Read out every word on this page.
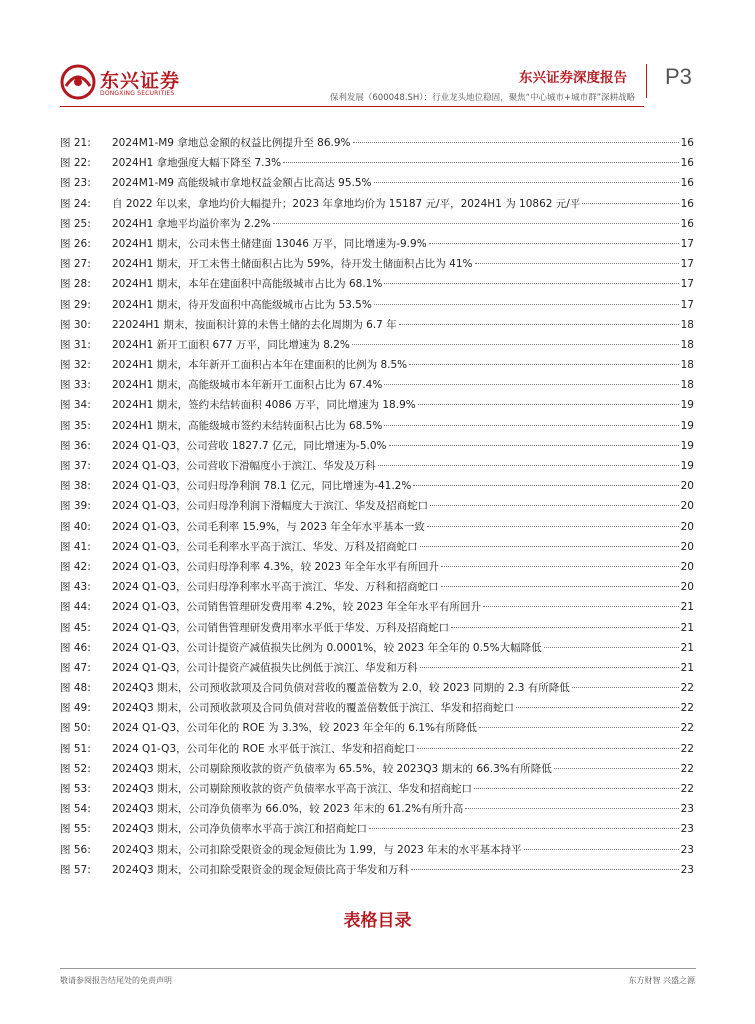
东兴证券
DONGXING SECURITIES
东兴证券深度报告 P3
保利发展（600048.SH）：行业龙头地位稳固，聚焦“中心城市+城市群”深耕战略
图 21:	2024M1-M9 拿地总金额的权益比例提升至 86.9%	16
图 22:	2024H1 拿地强度大幅下降至 7.3%	16
图 23:	2024M1-M9 高能级城市拿地权益金额占比高达 95.5%	16
图 24:	自 2022 年以来，拿地均价大幅提升；2023 年拿地均价为 15187 元/平，2024H1 为 10862 元/平	16
图 25:	2024H1 拿地平均溢价率为 2.2%	16
图 26:	2024H1 期末，公司未售土储建面 13046 万平，同比增速为-9.9%	17
图 27:	2024H1 期末，开工未售土储面积占比为 59%，待开发土储面积占比为 41%	17
图 28:	2024H1 期末，本年在建面积中高能级城市占比为 68.1%	17
图 29:	2024H1 期末，待开发面积中高能级城市占比为 53.5%	17
图 30:	22024H1 期末，按面积计算的未售土储的去化周期为 6.7 年	18
图 31:	2024H1 新开工面积 677 万平，同比增速为 8.2%	18
图 32:	2024H1 期末，本年新开工面积占本年在建面积的比例为 8.5%	18
图 33:	2024H1 期末，高能级城市本年新开工面积占比为 67.4%	18
图 34:	2024H1 期末，签约未结转面积 4086 万平，同比增速为 18.9%	19
图 35:	2024H1 期末，高能级城市签约未结转面积占比为 68.5%	19
图 36:	2024 Q1-Q3，公司营收 1827.7 亿元，同比增速为-5.0%	19
图 37:	2024 Q1-Q3，公司营收下滑幅度小于滨江、华发及万科	19
图 38:	2024 Q1-Q3，公司归母净利润 78.1 亿元，同比增速为-41.2%	20
图 39:	2024 Q1-Q3，公司归母净利润下滑幅度大于滨江、华发及招商蛇口	20
图 40:	2024 Q1-Q3，公司毛利率 15.9%，与 2023 年全年水平基本一致	20
图 41:	2024 Q1-Q3，公司毛利率水平高于滨江、华发、万科及招商蛇口	20
图 42:	2024 Q1-Q3，公司归母净利率 4.3%，较 2023 年全年水平有所回升	20
图 43:	2024 Q1-Q3，公司归母净利率水平高于滨江、华发、万科和招商蛇口	20
图 44:	2024 Q1-Q3，公司销售管理研发费用率 4.2%，较 2023 年全年水平有所回升	21
图 45:	2024 Q1-Q3，公司销售管理研发费用率水平低于华发、万科及招商蛇口	21
图 46:	2024 Q1-Q3，公司计提资产减值损失比例为 0.0001%，较 2023 年全年的 0.5%大幅降低	21
图 47:	2024 Q1-Q3，公司计提资产减值损失比例低于滨江、华发和万科	21
图 48:	2024Q3 期末，公司预收款项及合同负债对营收的覆盖倍数为 2.0，较 2023 同期的 2.3 有所降低	22
图 49:	2024Q3 期末，公司预收款项及合同负债对营收的覆盖倍数低于滨江、华发和招商蛇口	22
图 50:	2024 Q1-Q3，公司年化的 ROE 为 3.3%，较 2023 年全年的 6.1%有所降低	22
图 51:	2024 Q1-Q3，公司年化的 ROE 水平低于滨江、华发和招商蛇口	22
图 52:	2024Q3 期末，公司剔除预收款的资产负债率为 65.5%，较 2023Q3 期末的 66.3%有所降低	22
图 53:	2024Q3 期末，公司剔除预收款的资产负债率水平高于滨江、华发和招商蛇口	22
图 54:	2024Q3 期末，公司净负债率为 66.0%，较 2023 年末的 61.2%有所升高	23
图 55:	2024Q3 期末，公司净负债率水平高于滨江和招商蛇口	23
图 56:	2024Q3 期末，公司扣除受限资金的现金短债比为 1.99，与 2023 年末的水平基本持平	23
图 57:	2024Q3 期末，公司扣除受限资金的现金短债比高于华发和万科	23
表格目录
敬请参阅报告结尾处的免责声明	东方财智 兴盛之源
